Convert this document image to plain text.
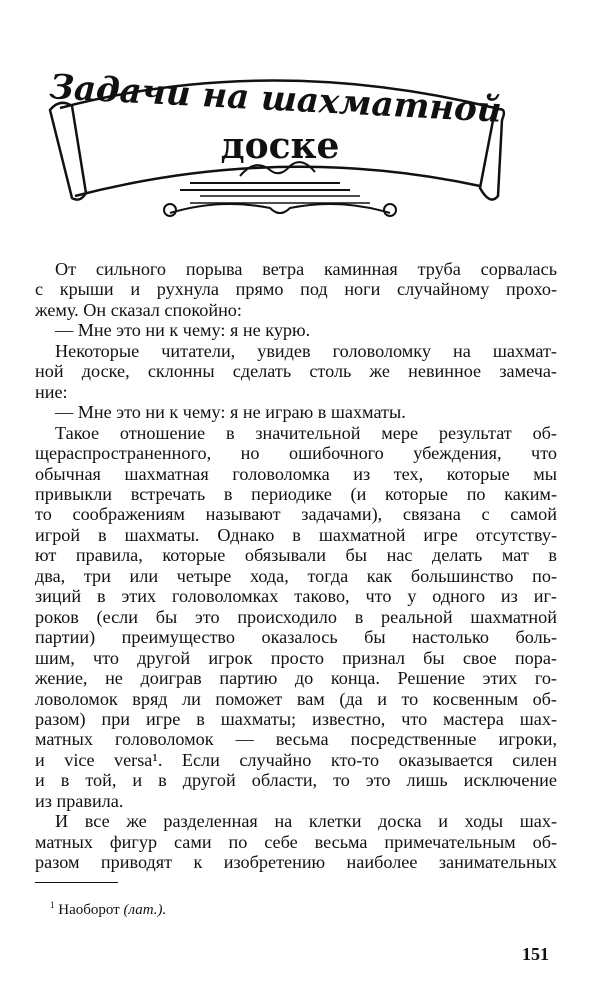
Задачи на шахматной
доске
От сильного порыва ветра каминная труба сорвалась
с крыши и рухнула прямо под ноги случайному прохо-
жему. Он сказал спокойно:
— Мне это ни к чему: я не курю.
Некоторые читатели, увидев головоломку на шахмат-
ной доске, склонны сделать столь же невинное замеча-
ние:
— Мне это ни к чему: я не играю в шахматы.
Такое отношение в значительной мере результат об-
щераспространенного, но ошибочного убеждения, что
обычная шахматная головоломка из тех, которые мы
привыкли встречать в периодике (и которые по каким-
то соображениям называют задачами), связана с самой
игрой в шахматы. Однако в шахматной игре отсутству-
ют правила, которые обязывали бы нас делать мат в
два, три или четыре хода, тогда как большинство по-
зиций в этих головоломках таково, что у одного из иг-
роков (если бы это происходило в реальной шахматной
партии) преимущество оказалось бы настолько боль-
шим, что другой игрок просто признал бы свое пора-
жение, не доиграв партию до конца. Решение этих го-
ловоломок вряд ли поможет вам (да и то косвенным об-
разом) при игре в шахматы; известно, что мастера шах-
матных головоломок — весьма посредственные игроки,
и vice versa¹. Если случайно кто-то оказывается силен
и в той, и в другой области, то это лишь исключение
из правила.
И все же разделенная на клетки доска и ходы шах-
матных фигур сами по себе весьма примечательным об-
разом приводят к изобретению наиболее занимательных
$^1$ Наоборот (лат.).
151
